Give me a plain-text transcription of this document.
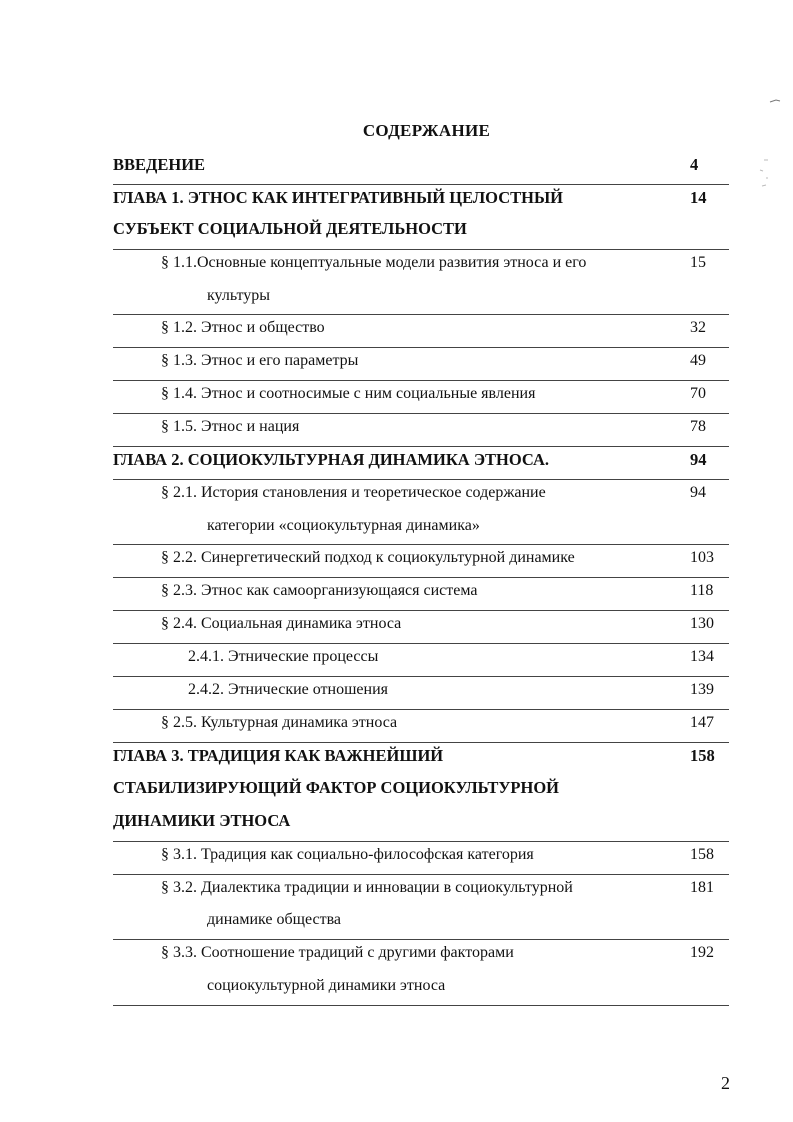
СОДЕРЖАНИЕ
ВВЕДЕНИЕ	4
ГЛАВА 1. ЭТНОС КАК ИНТЕГРАТИВНЫЙ ЦЕЛОСТНЫЙ	14
СУБЪЕКТ СОЦИАЛЬНОЙ ДЕЯТЕЛЬНОСТИ
§ 1.1.Основные концептуальные модели развития этноса и его	15
культуры
§ 1.2. Этнос и общество	32
§ 1.3. Этнос и его параметры	49
§ 1.4. Этнос и соотносимые с ним социальные явления	70
§ 1.5. Этнос и нация	78
ГЛАВА 2. СОЦИОКУЛЬТУРНАЯ ДИНАМИКА ЭТНОСА.	94
§ 2.1. История становления и теоретическое содержание	94
категории «социокультурная динамика»
§ 2.2. Синергетический подход к социокультурной динамике	103
§ 2.3. Этнос как самоорганизующаяся система	118
§ 2.4. Социальная динамика этноса	130
2.4.1. Этнические процессы	134
2.4.2. Этнические отношения	139
§ 2.5. Культурная динамика этноса	147
ГЛАВА 3. ТРАДИЦИЯ КАК ВАЖНЕЙШИЙ	158
СТАБИЛИЗИРУЮЩИЙ ФАКТОР СОЦИОКУЛЬТУРНОЙ
ДИНАМИКИ ЭТНОСА
§ 3.1. Традиция как социально-философская категория	158
§ 3.2. Диалектика традиции и инновации в социокультурной	181
динамике общества
§ 3.3. Соотношение традиций с другими факторами	192
социокультурной динамики этноса
2
